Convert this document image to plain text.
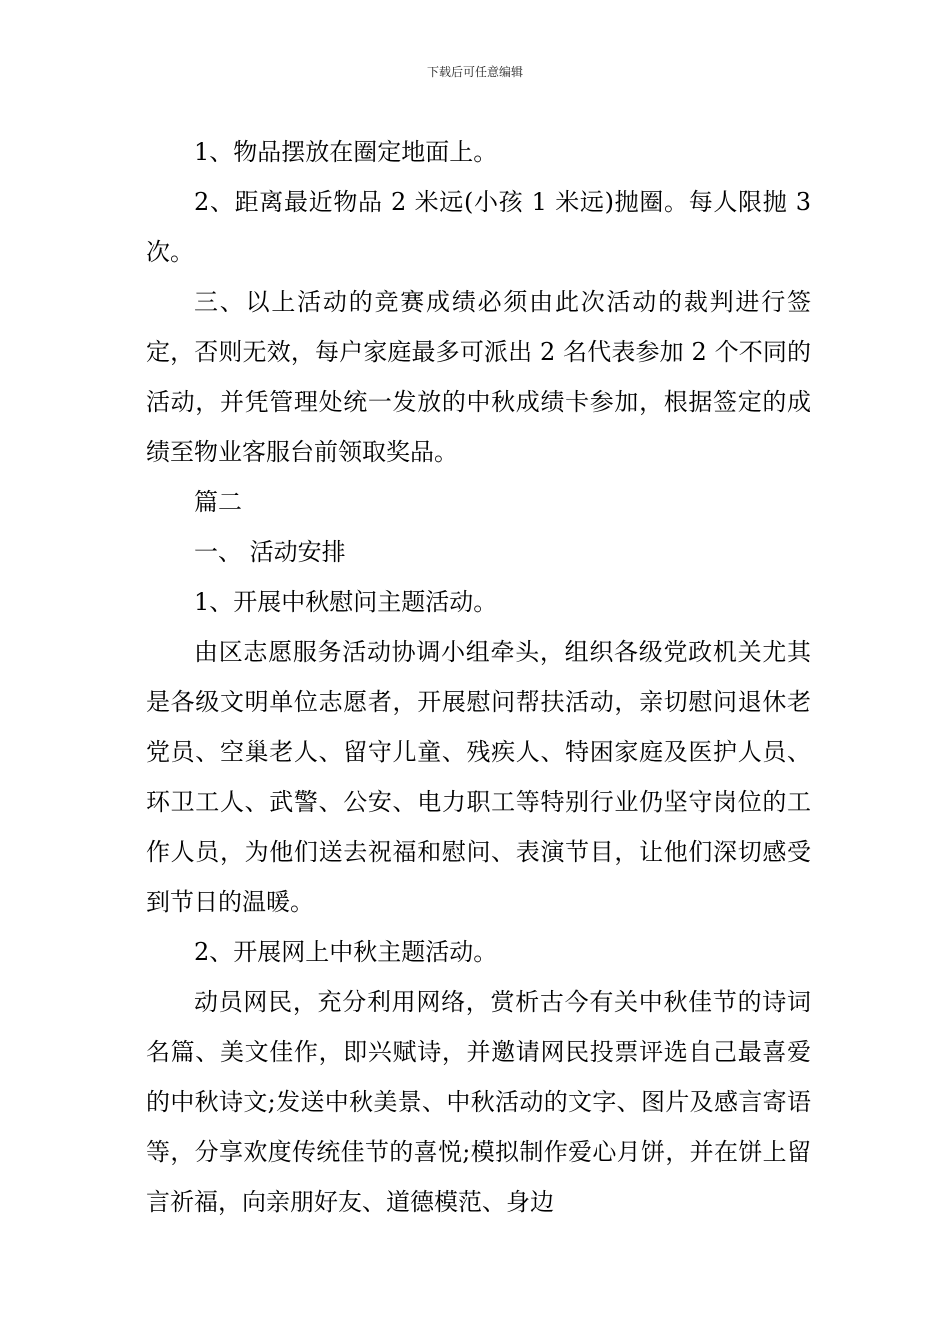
下载后可任意编辑

1、物品摆放在圈定地面上。

2、距离最近物品 2 米远(小孩 1 米远)抛圈。每人限抛 3 次。

三、以上活动的竞赛成绩必须由此次活动的裁判进行签定，否则无效，每户家庭最多可派出 2 名代表参加 2 个不同的活动，并凭管理处统一发放的中秋成绩卡参加，根据签定的成绩至物业客服台前领取奖品。

篇二

一、 活动安排

1、开展中秋慰问主题活动。

由区志愿服务活动协调小组牵头，组织各级党政机关尤其是各级文明单位志愿者，开展慰问帮扶活动，亲切慰问退休老党员、空巢老人、留守儿童、残疾人、特困家庭及医护人员、环卫工人、武警、公安、电力职工等特别行业仍坚守岗位的工作人员，为他们送去祝福和慰问、表演节目，让他们深切感受到节日的温暖。

2、开展网上中秋主题活动。

动员网民，充分利用网络，赏析古今有关中秋佳节的诗词名篇、美文佳作，即兴赋诗，并邀请网民投票评选自己最喜爱的中秋诗文;发送中秋美景、中秋活动的文字、图片及感言寄语等，分享欢度传统佳节的喜悦;模拟制作爱心月饼，并在饼上留言祈福，向亲朋好友、道德模范、身边
